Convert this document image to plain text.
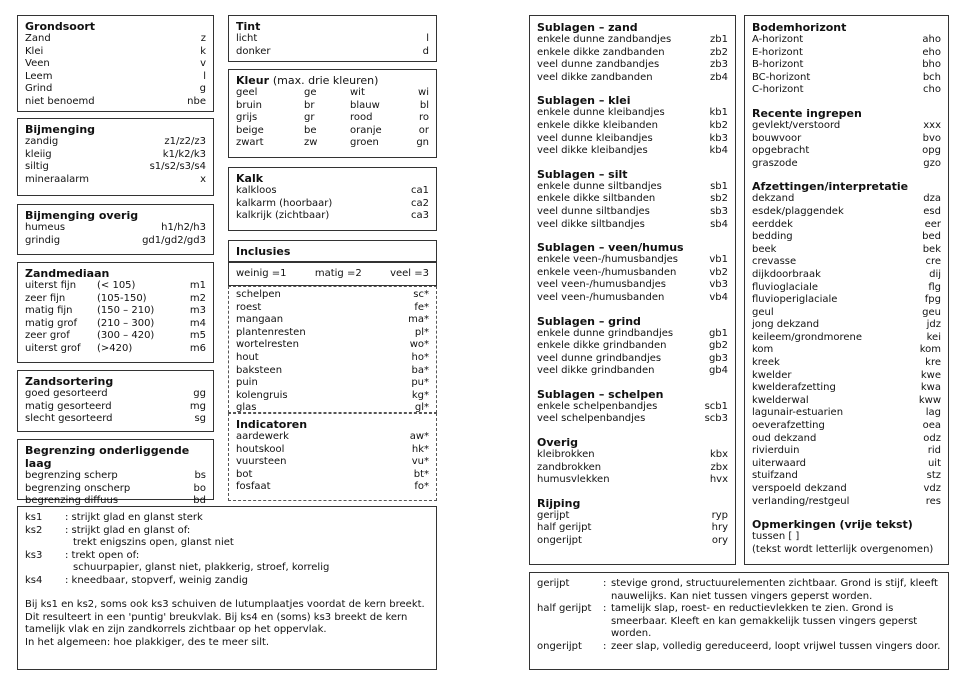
Grondsoort
Zand	z
Klei	k
Veen	v
Leem	l
Grind	g
niet benoemd	nbe
Bijmenging
zandig	z1/z2/z3
kleiig	k1/k2/k3
siltig	s1/s2/s3/s4
mineraalarm	x
Bijmenging overig
humeus	h1/h2/h3
grindig	gd1/gd2/gd3
Zandmediaan
uiterst fijn	(< 105)	m1
zeer fijn	(105-150)	m2
matig fijn	(150 – 210)	m3
matig grof	(210 – 300)	m4
zeer grof	(300 – 420)	m5
uiterst grof	(>420)	m6
Zandsortering
goed gesorteerd	gg
matig gesorteerd	mg
slecht gesorteerd	sg
Begrenzing onderliggende laag
begrenzing scherp	bs
begrenzing onscherp	bo
begrenzing diffuus	bd
ks1	: strijkt glad en glanst sterk
ks2	: strijkt glad en glanst of:
trekt enigszins open, glanst niet
ks3	: trekt open of:
schuurpapier, glanst niet, plakkerig, stroef, korrelig
ks4	: kneedbaar, stopverf, weinig zandig
Bij ks1 en ks2, soms ook ks3 schuiven de lutumplaatjes voordat de kern breekt. Dit resulteert in een 'puntig' breukvlak. Bij ks4 en (soms) ks3 breekt de kern tamelijk vlak en zijn zandkorrels zichtbaar op het oppervlak.
In het algemeen: hoe plakkiger, des te meer silt.
Tint
licht	l
donker	d
Kleur (max. drie kleuren)
geel	ge	wit	wi
bruin	br	blauw	bl
grijs	gr	rood	ro
beige	be	oranje	or
zwart	zw	groen	gn
Kalk
kalkloos	ca1
kalkarm (hoorbaar)	ca2
kalkrijk (zichtbaar)	ca3
Inclusies
weinig =1	matig =2	veel =3
schelpen	sc*
roest	fe*
mangaan	ma*
plantenresten	pl*
wortelresten	wo*
hout	ho*
baksteen	ba*
puin	pu*
kolengruis	kg*
glas	gl*
Indicatoren
aardewerk	aw*
houtskool	hk*
vuursteen	vu*
bot	bt*
fosfaat	fo*
Sublagen – zand
enkele dunne zandbandjes	zb1
enkele dikke zandbanden	zb2
veel dunne zandbandjes	zb3
veel dikke zandbanden	zb4
Sublagen – klei
enkele dunne kleibandjes	kb1
enkele dikke kleibanden	kb2
veel dunne kleibandjes	kb3
veel dikke kleibandjes	kb4
Sublagen – silt
enkele dunne siltbandjes	sb1
enkele dikke siltbanden	sb2
veel dunne siltbandjes	sb3
veel dikke siltbandjes	sb4
Sublagen – veen/humus
enkele veen-/humusbandjes	vb1
enkele veen-/humusbanden	vb2
veel veen-/humusbandjes	vb3
veel veen-/humusbanden	vb4
Sublagen – grind
enkele dunne grindbandjes	gb1
enkele dikke grindbanden	gb2
veel dunne grindbandjes	gb3
veel dikke grindbanden	gb4
Sublagen – schelpen
enkele schelpenbandjes	scb1
veel schelpenbandjes	scb3
Overig
kleibrokken	kbx
zandbrokken	zbx
humusvlekken	hvx
Rijping
gerijpt	ryp
half gerijpt	hry
ongerijpt	ory
Bodemhorizont
A-horizont	aho
E-horizont	eho
B-horizont	bho
BC-horizont	bch
C-horizont	cho
Recente ingrepen
gevlekt/verstoord	xxx
bouwvoor	bvo
opgebracht	opg
graszode	gzo
Afzettingen/interpretatie
dekzand	dza
esdek/plaggendek	esd
eerddek	eer
bedding	bed
beek	bek
crevasse	cre
dijkdoorbraak	dij
fluvioglaciale	flg
fluvioperiglaciale	fpg
geul	geu
jong dekzand	jdz
keileem/grondmorene	kei
kom	kom
kreek	kre
kwelder	kwe
kwelderafzetting	kwa
kwelderwal	kww
lagunair-estuarien	lag
oeverafzetting	oea
oud dekzand	odz
rivierduin	rid
uiterwaard	uit
stuifzand	stz
verspoeld dekzand	vdz
verlanding/restgeul	res
Opmerkingen (vrije tekst)
tussen [ ]
(tekst wordt letterlijk overgenomen)
gerijpt	: stevige grond, structuurelementen zichtbaar. Grond is stijf, kleeft nauwelijks. Kan niet tussen vingers geperst worden.
half gerijpt	: tamelijk slap, roest- en reductievlekken te zien. Grond is smeerbaar. Kleeft en kan gemakkelijk tussen vingers geperst worden.
ongerijpt	: zeer slap, volledig gereduceerd, loopt vrijwel tussen vingers door.
